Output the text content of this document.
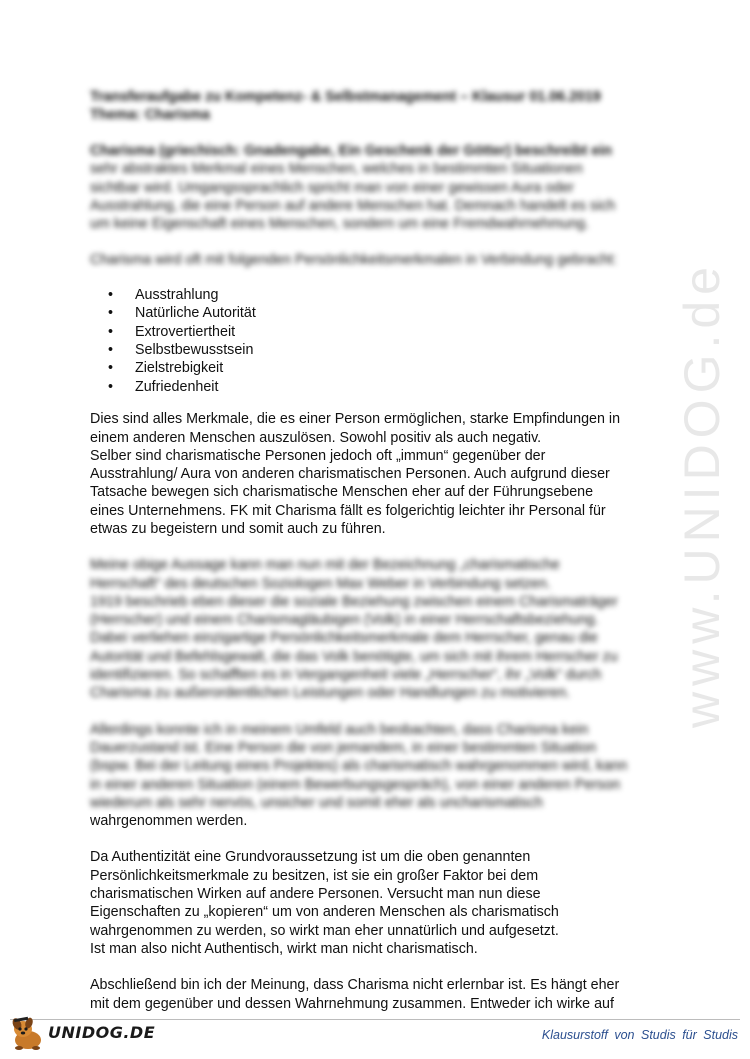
www.UNIDOG.de
Transferaufgabe zu Kompetenz- & Selbstmanagement – Klausur 01.06.2019
Thema: Charisma
Charisma (griechisch: Gnadengabe, Ein Geschenk der Götter) beschreibt ein
sehr abstraktes Merkmal eines Menschen, welches in bestimmten Situationen
sichtbar wird. Umgangssprachlich spricht man von einer gewissen Aura oder
Ausstrahlung, die eine Person auf andere Menschen hat. Demnach handelt es sich
um keine Eigenschaft eines Menschen, sondern um eine Fremdwahrnehmung.
Charisma wird oft mit folgenden Persönlichkeitsmerkmalen in Verbindung gebracht:
• Ausstrahlung
• Natürliche Autorität
• Extrovertiertheit
• Selbstbewusstsein
• Zielstrebigkeit
• Zufriedenheit
Dies sind alles Merkmale, die es einer Person ermöglichen, starke Empfindungen in
einem anderen Menschen auszulösen. Sowohl positiv als auch negativ.
Selber sind charismatische Personen jedoch oft „immun“ gegenüber der
Ausstrahlung/ Aura von anderen charismatischen Personen. Auch aufgrund dieser
Tatsache bewegen sich charismatische Menschen eher auf der Führungsebene
eines Unternehmens. FK mit Charisma fällt es folgerichtig leichter ihr Personal für
etwas zu begeistern und somit auch zu führen.
Meine obige Aussage kann man nun mit der Bezeichnung „charismatische
Herrschaft“ des deutschen Soziologen Max Weber in Verbindung setzen.
1919 beschrieb eben dieser die soziale Beziehung zwischen einem Charismaträger
(Herrscher) und einem Charismagläubigen (Volk) in einer Herrschaftsbeziehung.
Dabei verliehen einzigartige Persönlichkeitsmerkmale dem Herrscher, genau die
Autorität und Befehlsgewalt, die das Volk benötigte, um sich mit ihrem Herrscher zu
identifizieren. So schafften es in Vergangenheit viele „Herrscher“, ihr „Volk“ durch
Charisma zu außerordentlichen Leistungen oder Handlungen zu motivieren.
Allerdings konnte ich in meinem Umfeld auch beobachten, dass Charisma kein
Dauerzustand ist. Eine Person die von jemandem, in einer bestimmten Situation
(bspw. Bei der Leitung eines Projektes) als charismatisch wahrgenommen wird, kann
in einer anderen Situation (einem Bewerbungsgespräch), von einer anderen Person
wiederum als sehr nervös, unsicher und somit eher als uncharismatisch
wahrgenommen werden.
Da Authentizität eine Grundvoraussetzung ist um die oben genannten
Persönlichkeitsmerkmale zu besitzen, ist sie ein großer Faktor bei dem
charismatischen Wirken auf andere Personen. Versucht man nun diese
Eigenschaften zu „kopieren“ um von anderen Menschen als charismatisch
wahrgenommen zu werden, so wirkt man eher unnatürlich und aufgesetzt.
Ist man also nicht Authentisch, wirkt man nicht charismatisch.
Abschließend bin ich der Meinung, dass Charisma nicht erlernbar ist. Es hängt eher
mit dem gegenüber und dessen Wahrnehmung zusammen. Entweder ich wirke auf
UNIDOG.DE	Klausurstoff von Studis für Studis
